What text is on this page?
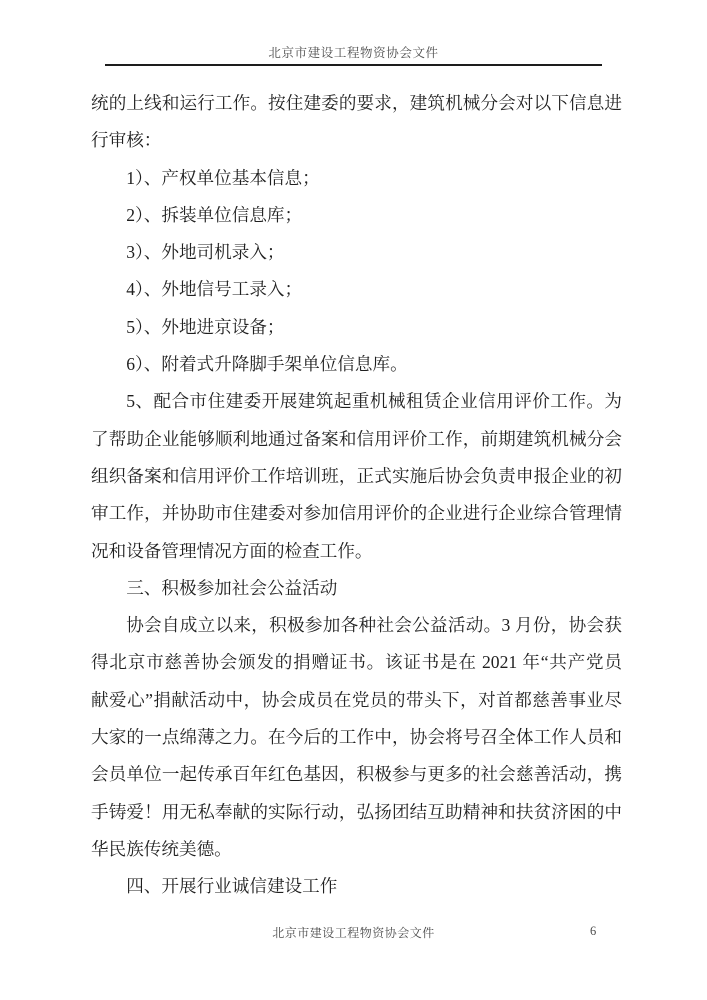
北京市建设工程物资协会文件
统的上线和运行工作。按住建委的要求，建筑机械分会对以下信息进
行审核：
1）、产权单位基本信息；
2）、拆装单位信息库；
3）、外地司机录入；
4）、外地信号工录入；
5）、外地进京设备；
6）、附着式升降脚手架单位信息库。
5、配合市住建委开展建筑起重机械租赁企业信用评价工作。为
了帮助企业能够顺利地通过备案和信用评价工作，前期建筑机械分会
组织备案和信用评价工作培训班，正式实施后协会负责申报企业的初
审工作，并协助市住建委对参加信用评价的企业进行企业综合管理情
况和设备管理情况方面的检查工作。
三、积极参加社会公益活动
协会自成立以来，积极参加各种社会公益活动。3 月份，协会获
得北京市慈善协会颁发的捐赠证书。该证书是在 2021 年“共产党员
献爱心”捐献活动中，协会成员在党员的带头下，对首都慈善事业尽
大家的一点绵薄之力。在今后的工作中，协会将号召全体工作人员和
会员单位一起传承百年红色基因，积极参与更多的社会慈善活动，携
手铸爱！用无私奉献的实际行动，弘扬团结互助精神和扶贫济困的中
华民族传统美德。
四、开展行业诚信建设工作
北京市建设工程物资协会文件	6
